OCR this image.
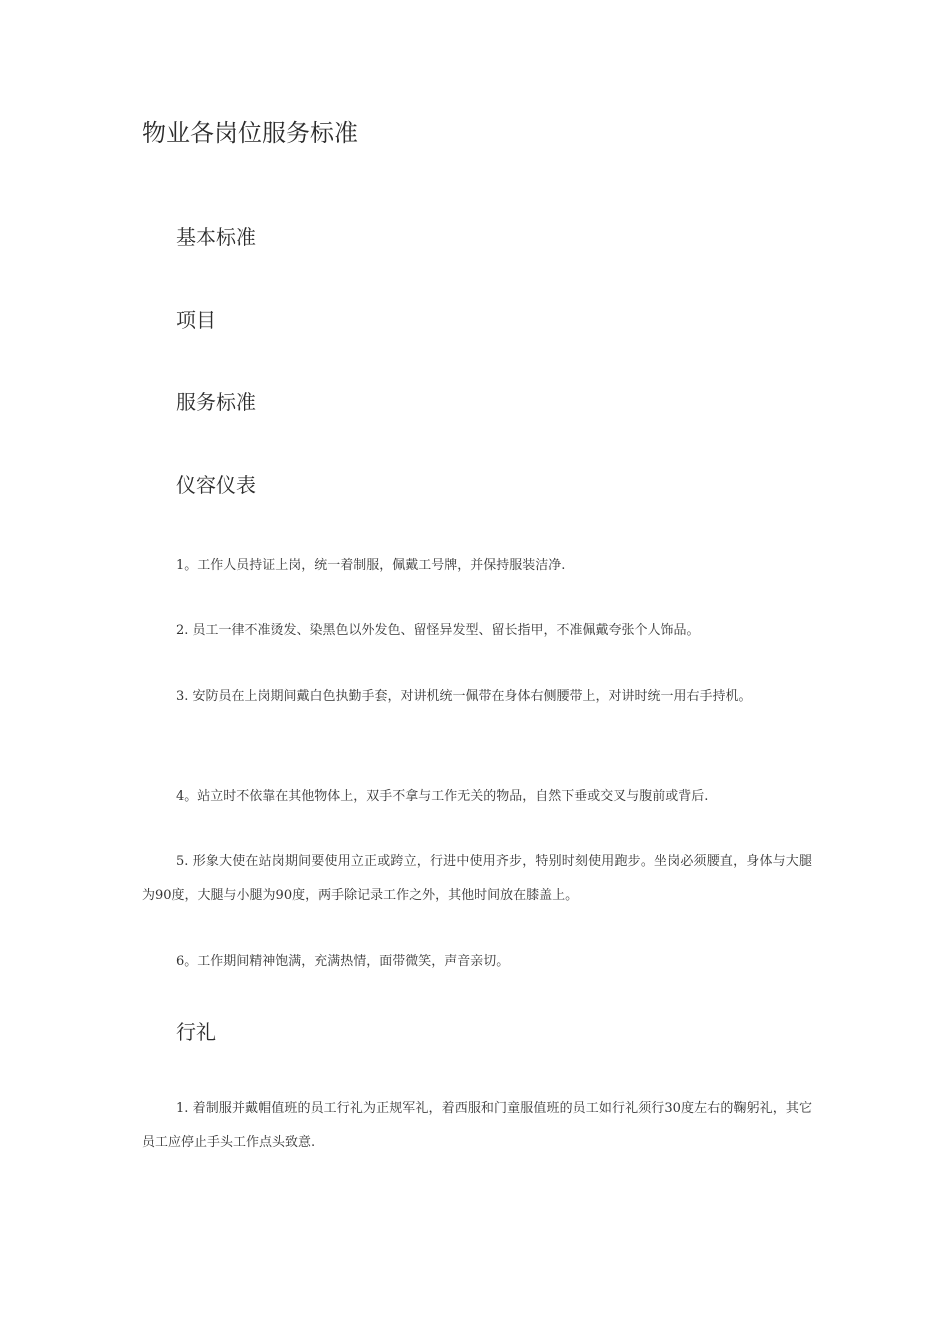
物业各岗位服务标准
基本标准
项目
服务标准
仪容仪表

1。工作人员持证上岗，统一着制服，佩戴工号牌，并保持服装洁净.

2. 员工一律不准烫发、染黑色以外发色、留怪异发型、留长指甲，不准佩戴夸张个人饰品。

3. 安防员在上岗期间戴白色执勤手套，对讲机统一佩带在身体右侧腰带上，对讲时统一用右手持机。

4。站立时不依靠在其他物体上，双手不拿与工作无关的物品，自然下垂或交叉与腹前或背后.

5. 形象大使在站岗期间要使用立正或跨立，行进中使用齐步，特别时刻使用跑步。坐岗必须腰直，身体与大腿为90度，大腿与小腿为90度，两手除记录工作之外，其他时间放在膝盖上。

6。工作期间精神饱满，充满热情，面带微笑，声音亲切。

行礼

1. 着制服并戴帽值班的员工行礼为正规军礼，着西服和门童服值班的员工如行礼须行30度左右的鞠躬礼，其它员工应停止手头工作点头致意.
